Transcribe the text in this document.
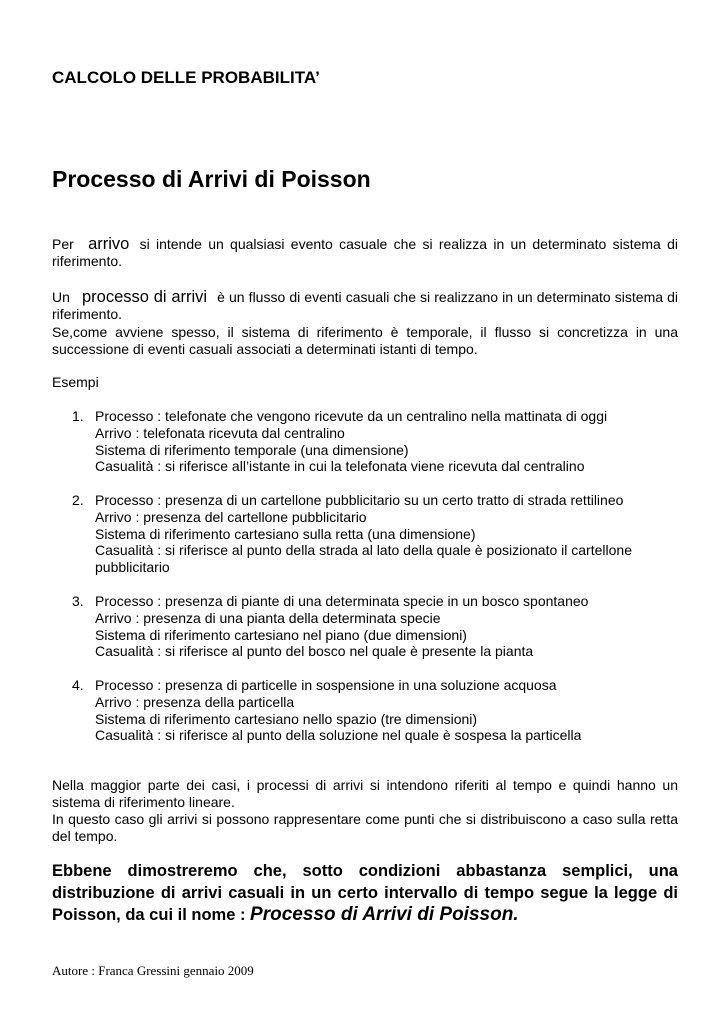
CALCOLO DELLE PROBABILITA’
Processo di Arrivi di Poisson

Per arrivo si intende un qualsiasi evento casuale che si realizza in un determinato sistema di riferimento.

Un processo di arrivi è un flusso di eventi casuali che si realizzano in un determinato sistema di riferimento.

Se,come avviene spesso, il sistema di riferimento è temporale, il flusso si concretizza in una successione di eventi casuali associati a determinati istanti di tempo.

Esempi
1. Processo : telefonate che vengono ricevute da un centralino nella mattinata di oggi
Arrivo : telefonata ricevuta dal centralino
Sistema di riferimento temporale (una dimensione)
Casualità : si riferisce all’istante in cui la telefonata viene ricevuta dal centralino
2. Processo : presenza di un cartellone pubblicitario su un certo tratto di strada rettilineo
Arrivo : presenza del cartellone pubblicitario
Sistema di riferimento cartesiano sulla retta (una dimensione)
Casualità : si riferisce al punto della strada al lato della quale è posizionato il cartellone pubblicitario
3. Processo : presenza di piante di una determinata specie in un bosco spontaneo
Arrivo : presenza di una pianta della determinata specie
Sistema di riferimento cartesiano nel piano (due dimensioni)
Casualità : si riferisce al punto del bosco nel quale è presente la pianta
4. Processo : presenza di particelle in sospensione in una soluzione acquosa
Arrivo : presenza della particella
Sistema di riferimento cartesiano nello spazio (tre dimensioni)
Casualità : si riferisce al punto della soluzione nel quale è sospesa la particella

Nella maggior parte dei casi, i processi di arrivi si intendono riferiti al tempo e quindi hanno un sistema di riferimento lineare.

In questo caso gli arrivi si possono rappresentare come punti che si distribuiscono a caso sulla retta del tempo.

Ebbene dimostreremo che, sotto condizioni abbastanza semplici, una distribuzione di arrivi casuali in un certo intervallo di tempo segue la legge di Poisson, da cui il nome : Processo di Arrivi di Poisson.

Autore : Franca Gressini gennaio 2009
